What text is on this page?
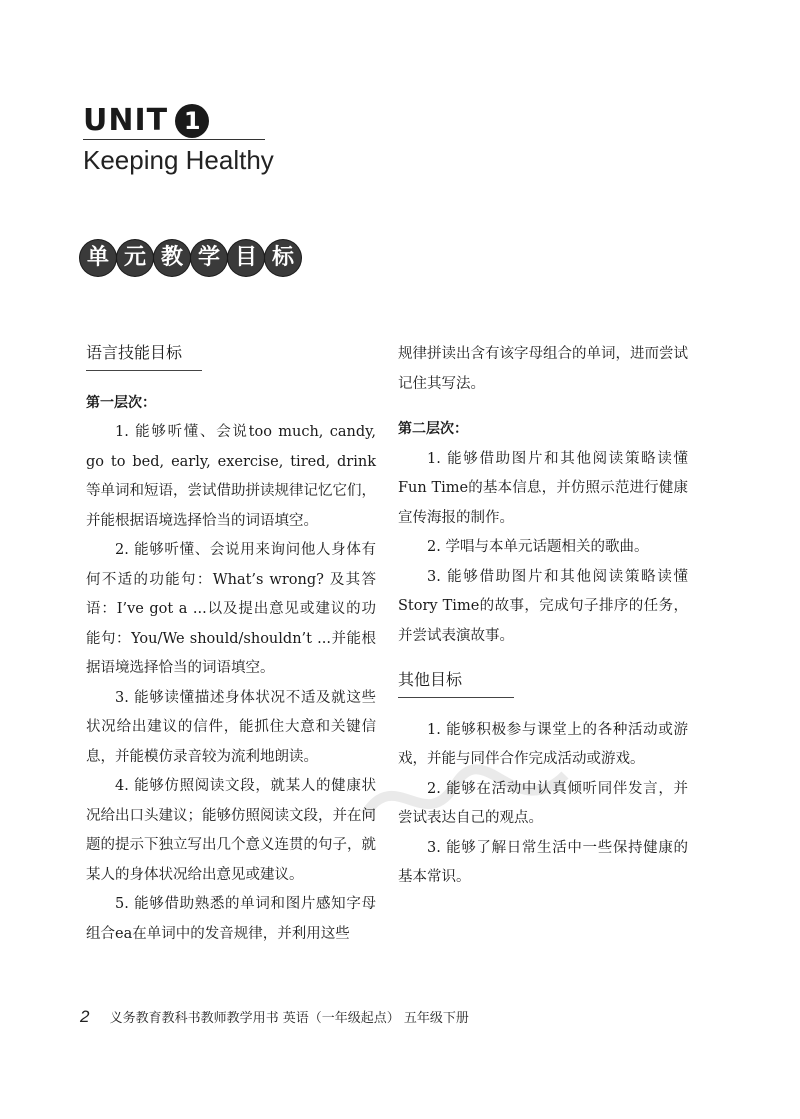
UNIT 1
Keeping Healthy
单 元 教 学 目 标
语言技能目标

第一层次：

1. 能够听懂、会说too much, candy, go to bed, early, exercise, tired, drink等单词和短语，尝试借助拼读规律记忆它们，并能根据语境选择恰当的词语填空。

2. 能够听懂、会说用来询问他人身体有何不适的功能句：What’s wrong? 及其答语：I’ve got a ...以及提出意见或建议的功能句：You/We should/shouldn’t ...并能根据语境选择恰当的词语填空。

3. 能够读懂描述身体状况不适及就这些状况给出建议的信件，能抓住大意和关键信息，并能模仿录音较为流利地朗读。

4. 能够仿照阅读文段，就某人的健康状况给出口头建议；能够仿照阅读文段，并在问题的提示下独立写出几个意义连贯的句子，就某人的身体状况给出意见或建议。

5. 能够借助熟悉的单词和图片感知字母组合ea在单词中的发音规律，并利用这些

规律拼读出含有该字母组合的单词，进而尝试记住其写法。

第二层次：

1. 能够借助图片和其他阅读策略读懂Fun Time的基本信息，并仿照示范进行健康宣传海报的制作。

2. 学唱与本单元话题相关的歌曲。

3. 能够借助图片和其他阅读策略读懂Story Time的故事，完成句子排序的任务，并尝试表演故事。

其他目标

1. 能够积极参与课堂上的各种活动或游戏，并能与同伴合作完成活动或游戏。

2. 能够在活动中认真倾听同伴发言，并尝试表达自己的观点。

3. 能够了解日常生活中一些保持健康的基本常识。

2 义务教育教科书教师教学用书 英语（一年级起点） 五年级下册
